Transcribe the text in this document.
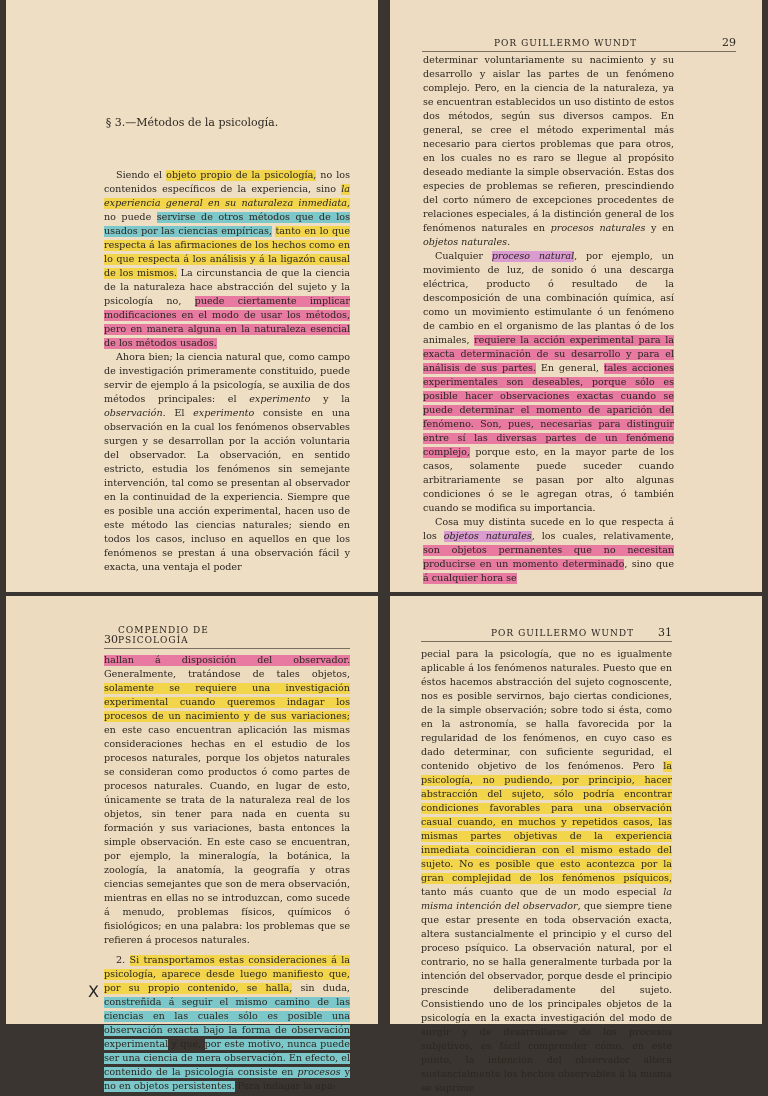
§ 3.—Métodos de la psicología.

Siendo el objeto propio de la psicología, no los contenidos específicos de la experiencia, sino la experiencia general en su naturaleza inmediata, no puede servirse de otros métodos que de los usados por las ciencias empíricas, tanto en lo que respecta á las afirmaciones de los hechos como en lo que respecta á los análisis y á la ligazón causal de los mismos. La circunstancia de que la ciencia de la naturaleza hace abstracción del sujeto y la psicología no, puede ciertamente implicar modificaciones en el modo de usar los métodos, pero en manera alguna en la naturaleza esencial de los métodos usados.

Ahora bien; la ciencia natural que, como campo de investigación primeramente constituido, puede servir de ejemplo á la psicología, se auxilia de dos métodos principales: el experimento y la observación. El experimento consiste en una observación en la cual los fenómenos observables surgen y se desarrollan por la acción voluntaria del observador. La observación, en sentido estricto, estudia los fenómenos sin semejante intervención, tal como se presentan al observador en la continuidad de la experiencia. Siempre que es posible una acción experimental, hacen uso de este método las ciencias naturales; siendo en todos los casos, incluso en aquellos en que los fenómenos se prestan á una observación fácil y exacta, una ventaja el poder

POR GUILLERMO WUNDT	29

determinar voluntariamente su nacimiento y su desarrollo y aislar las partes de un fenómeno complejo. Pero, en la ciencia de la naturaleza, ya se encuentran establecidos un uso distinto de estos dos métodos, según sus diversos campos. En general, se cree el método experimental más necesario para ciertos problemas que para otros, en los cuales no es raro se llegue al propósito deseado mediante la simple observación. Estas dos especies de problemas se refieren, prescindiendo del corto número de excepciones procedentes de relaciones especiales, á la distinción general de los fenómenos naturales en procesos naturales y en objetos naturales.

Cualquier proceso natural, por ejemplo, un movimiento de luz, de sonido ó una descarga eléctrica, producto ó resultado de la descomposición de una combinación química, así como un movimiento estimulante ó un fenómeno de cambio en el organismo de las plantas ó de los animales, requiere la acción experimental para la exacta determinación de su desarrollo y para el análisis de sus partes. En general, tales acciones experimentales son deseables, porque sólo es posible hacer observaciones exactas cuando se puede determinar el momento de aparición del fenómeno. Son, pues, necesarias para distinguir entre sí las diversas partes de un fenómeno complejo, porque esto, en la mayor parte de los casos, solamente puede suceder cuando arbitrariamente se pasan por alto algunas condiciones ó se le agregan otras, ó también cuando se modifica su importancia.

Cosa muy distinta sucede en lo que respecta á los objetos naturales, los cuales, relativamente, son objetos permanentes que no necesitan producirse en un momento determinado, sino que á cualquier hora se

30
COMPENDIO DE PSICOLOGÍA

hallan á disposición del observador. Generalmente, tratándose de tales objetos, solamente se requiere una investigación experimental cuando queremos indagar los procesos de un nacimiento y de sus variaciones; en este caso encuentran aplicación las mismas consideraciones hechas en el estudio de los procesos naturales, porque los objetos naturales se consideran como productos ó como partes de procesos naturales. Cuando, en lugar de esto, únicamente se trata de la naturaleza real de los objetos, sin tener para nada en cuenta su formación y sus variaciones, basta entonces la simple observación. En este caso se encuentran, por ejemplo, la mineralogía, la botánica, la zoología, la anatomía, la geografía y otras ciencias semejantes que son de mera observación, mientras en ellas no se introduzcan, como sucede á menudo, problemas físicos, químicos ó fisiológicos; en una palabra: los problemas que se refieren á procesos naturales.

2. Si transportamos estas consideraciones á la psicología, aparece desde luego manifiesto que, por su propio contenido, se halla, sin duda, constreñida á seguir el mismo camino de las ciencias en las cuales sólo es posible una observación exacta bajo la forma de observación experimental y que, por este motivo, nunca puede ser una ciencia de mera observación. En efecto, el contenido de la psicología consiste en procesos y no en objetos persistentes. Para indagar la apa-

X
POR GUILLERMO WUNDT 31

pecial para la psicología, que no es igualmente aplicable á los fenómenos naturales. Puesto que en éstos hacemos abstracción del sujeto cognoscente, nos es posible servirnos, bajo ciertas condiciones, de la simple observación; sobre todo si ésta, como en la astronomía, se halla favorecida por la regularidad de los fenómenos, en cuyo caso es dado determinar, con suficiente seguridad, el contenido objetivo de los fenómenos. Pero la psicología, no pudiendo, por principio, hacer abstracción del sujeto, sólo podría encontrar condiciones favorables para una observación casual cuando, en muchos y repetidos casos, las mismas partes objetivas de la experiencia inmediata coincidieran con el mismo estado del sujeto. No es posible que esto acontezca por la gran complejidad de los fenómenos psíquicos, tanto más cuanto que de un modo especial la misma intención del observador, que siempre tiene que estar presente en toda observación exacta, altera sustancialmente el principio y el curso del proceso psíquico. La observación natural, por el contrario, no se halla generalmente turbada por la intención del observador, porque desde el principio prescinde deliberadamente del sujeto. Consistiendo uno de los principales objetos de la psicología en la exacta investigación del modo de surgir y de desarrollarse de los procesos subjetivos, es fácil comprender cómo, en este punto, la intención del observador altera sustancialmente los hechos observables á la misma se suprime
